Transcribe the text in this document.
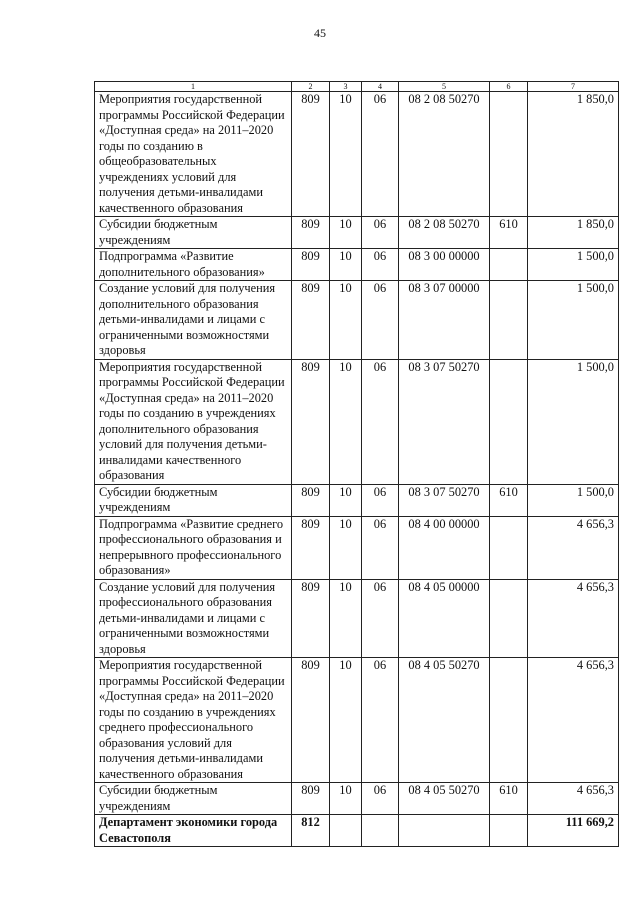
45
1	2	3	4	5	6	7
Мероприятия государственной программы Российской Федерации «Доступная среда» на 2011–2020 годы по созданию в общеобразовательных учреждениях условий для получения детьми-инвалидами качественного образования	809	10	06	08 2 08 50270		1 850,0
Субсидии бюджетным учреждениям	809	10	06	08 2 08 50270	610	1 850,0
Подпрограмма «Развитие дополнительного образования»	809	10	06	08 3 00 00000		1 500,0
Создание условий для получения дополнительного образования детьми-инвалидами и лицами с ограниченными возможностями здоровья	809	10	06	08 3 07 00000		1 500,0
Мероприятия государственной программы Российской Федерации «Доступная среда» на 2011–2020 годы по созданию в учреждениях дополнительного образования условий для получения детьми-инвалидами качественного образования	809	10	06	08 3 07 50270		1 500,0
Субсидии бюджетным учреждениям	809	10	06	08 3 07 50270	610	1 500,0
Подпрограмма «Развитие среднего профессионального образования и непрерывного профессионального образования»	809	10	06	08 4 00 00000		4 656,3
Создание условий для получения профессионального образования детьми-инвалидами и лицами с ограниченными возможностями здоровья	809	10	06	08 4 05 00000		4 656,3
Мероприятия государственной программы Российской Федерации «Доступная среда» на 2011–2020 годы по созданию в учреждениях среднего профессионального образования условий для получения детьми-инвалидами качественного образования	809	10	06	08 4 05 50270		4 656,3
Субсидии бюджетным учреждениям	809	10	06	08 4 05 50270	610	4 656,3
Департамент экономики города Севастополя	812					111 669,2
